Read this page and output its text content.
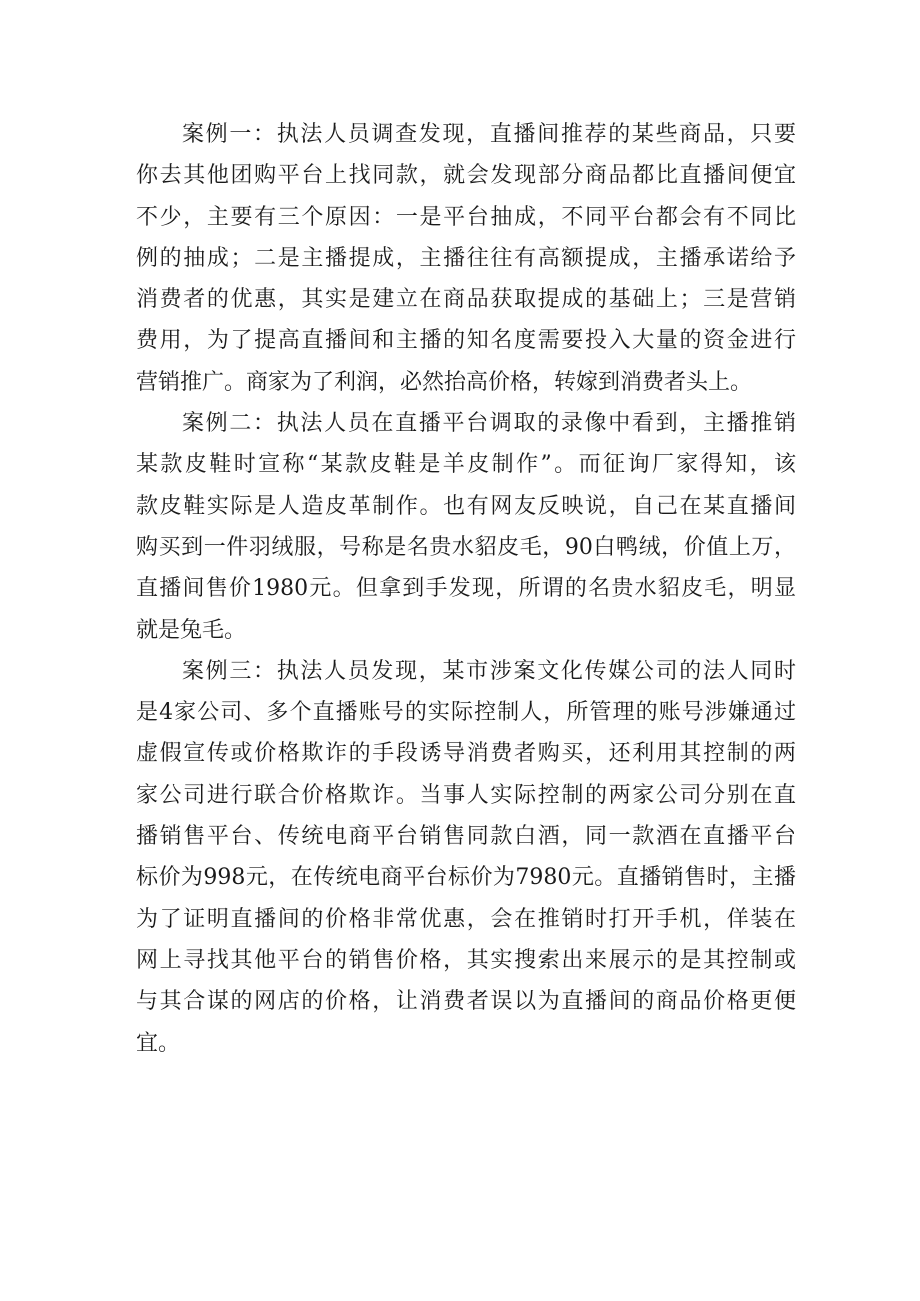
案例一：执法人员调查发现，直播间推荐的某些商品，只要
你去其他团购平台上找同款，就会发现部分商品都比直播间便宜
不少，主要有三个原因：一是平台抽成，不同平台都会有不同比
例的抽成；二是主播提成，主播往往有高额提成，主播承诺给予
消费者的优惠，其实是建立在商品获取提成的基础上；三是营销
费用，为了提高直播间和主播的知名度需要投入大量的资金进行
营销推广。商家为了利润，必然抬高价格，转嫁到消费者头上。
案例二：执法人员在直播平台调取的录像中看到，主播推销
某款皮鞋时宣称“某款皮鞋是羊皮制作”。而征询厂家得知，该
款皮鞋实际是人造皮革制作。也有网友反映说，自己在某直播间
购买到一件羽绒服，号称是名贵水貂皮毛，90白鸭绒，价值上万，
直播间售价1980元。但拿到手发现，所谓的名贵水貂皮毛，明显
就是兔毛。
案例三：执法人员发现，某市涉案文化传媒公司的法人同时
是4家公司、多个直播账号的实际控制人，所管理的账号涉嫌通过
虚假宣传或价格欺诈的手段诱导消费者购买，还利用其控制的两
家公司进行联合价格欺诈。当事人实际控制的两家公司分别在直
播销售平台、传统电商平台销售同款白酒，同一款酒在直播平台
标价为998元，在传统电商平台标价为7980元。直播销售时，主播
为了证明直播间的价格非常优惠，会在推销时打开手机，佯装在
网上寻找其他平台的销售价格，其实搜索出来展示的是其控制或
与其合谋的网店的价格，让消费者误以为直播间的商品价格更便
宜。
